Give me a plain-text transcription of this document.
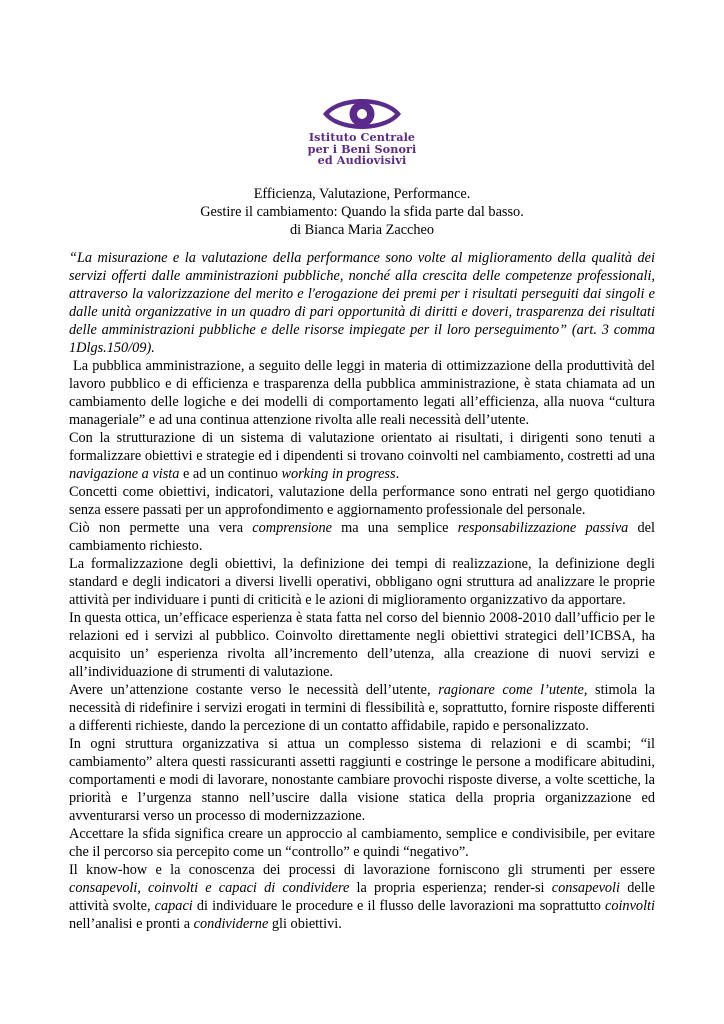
Istituto Centrale
per i Beni Sonori
ed Audiovisivi
Efficienza, Valutazione, Performance.
Gestire il cambiamento: Quando la sfida parte dal basso.
di Bianca Maria Zaccheo

“La misurazione e la valutazione della performance sono volte al miglioramento della qualità dei servizi offerti dalle amministrazioni pubbliche, nonché alla crescita delle competenze professionali, attraverso la valorizzazione del merito e l'erogazione dei premi per i risultati perseguiti dai singoli e dalle unità organizzative in un quadro di pari opportunità di diritti e doveri, trasparenza dei risultati delle amministrazioni pubbliche e delle risorse impiegate per il loro perseguimento” (art. 3 comma 1Dlgs.150/09).

La pubblica amministrazione, a seguito delle leggi in materia di ottimizzazione della produttività del lavoro pubblico e di efficienza e trasparenza della pubblica amministrazione, è stata chiamata ad un cambiamento delle logiche e dei modelli di comportamento legati all’efficienza, alla nuova “cultura manageriale” e ad una continua attenzione rivolta alle reali necessità dell’utente.

Con la strutturazione di un sistema di valutazione orientato ai risultati, i dirigenti sono tenuti a formalizzare obiettivi e strategie ed i dipendenti si trovano coinvolti nel cambiamento, costretti ad una navigazione a vista e ad un continuo working in progress.

Concetti come obiettivi, indicatori, valutazione della performance sono entrati nel gergo quotidiano senza essere passati per un approfondimento e aggiornamento professionale del personale.

Ciò non permette una vera comprensione ma una semplice responsabilizzazione passiva del cambiamento richiesto.

La formalizzazione degli obiettivi, la definizione dei tempi di realizzazione, la definizione degli standard e degli indicatori a diversi livelli operativi, obbligano ogni struttura ad analizzare le proprie attività per individuare i punti di criticità e le azioni di miglioramento organizzativo da apportare.

In questa ottica, un’efficace esperienza è stata fatta nel corso del biennio 2008-2010 dall’ufficio per le relazioni ed i servizi al pubblico. Coinvolto direttamente negli obiettivi strategici dell’ICBSA, ha acquisito un’ esperienza rivolta all’incremento dell’utenza, alla creazione di nuovi servizi e all’individuazione di strumenti di valutazione.

Avere un’attenzione costante verso le necessità dell’utente, ragionare come l’utente, stimola la necessità di ridefinire i servizi erogati in termini di flessibilità e, soprattutto, fornire risposte differenti a differenti richieste, dando la percezione di un contatto affidabile, rapido e personalizzato.

In ogni struttura organizzativa si attua un complesso sistema di relazioni e di scambi; “il cambiamento” altera questi rassicuranti assetti raggiunti e costringe le persone a modificare abitudini, comportamenti e modi di lavorare, nonostante cambiare provochi risposte diverse, a volte scettiche, la priorità e l’urgenza stanno nell’uscire dalla visione statica della propria organizzazione ed avventurarsi verso un processo di modernizzazione.

Accettare la sfida significa creare un approccio al cambiamento, semplice e condivisibile, per evitare che il percorso sia percepito come un “controllo” e quindi “negativo”.

Il know-how e la conoscenza dei processi di lavorazione forniscono gli strumenti per essere consapevoli, coinvolti e capaci di condividere la propria esperienza; render-si consapevoli delle attività svolte, capaci di individuare le procedure e il flusso delle lavorazioni ma soprattutto coinvolti nell’analisi e pronti a condividerne gli obiettivi.
